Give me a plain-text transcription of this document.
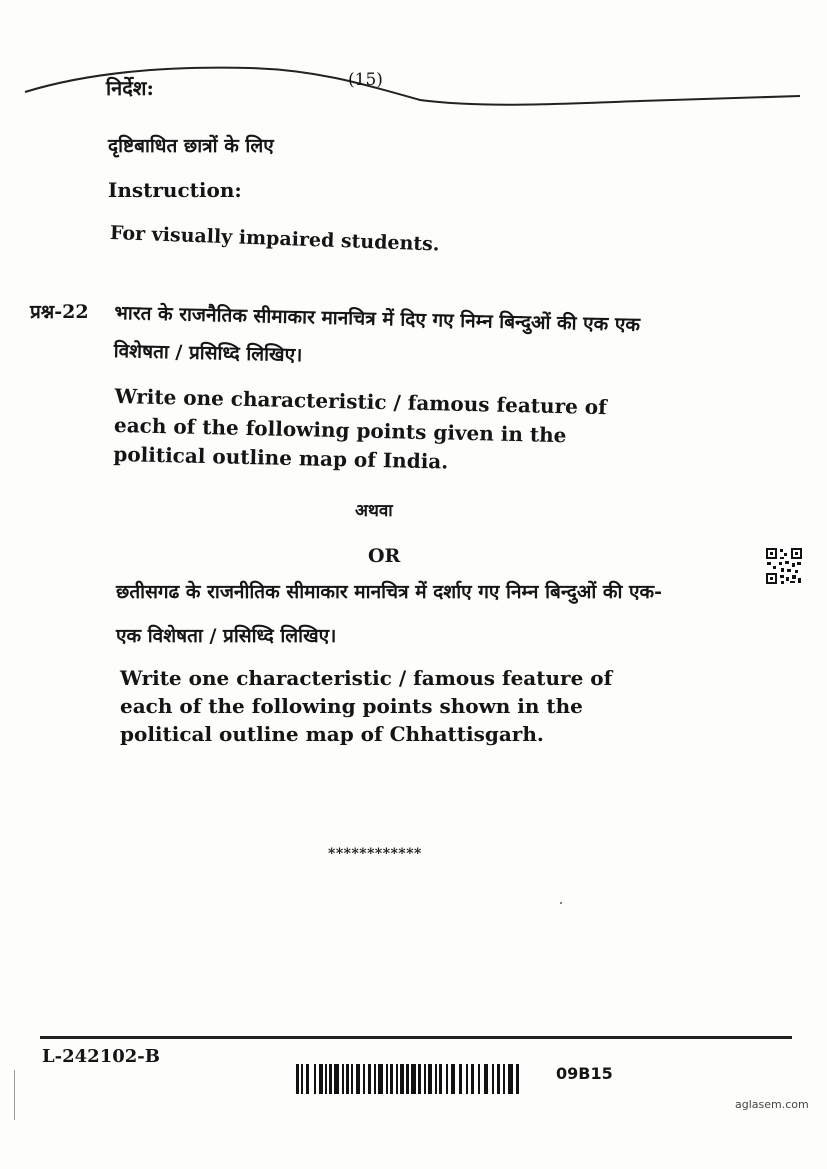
निर्देश:	(15)
दृष्टिबाधित छात्रों के लिए
Instruction:
For visually impaired students.
प्रश्न-22 भारत के राजनैतिक सीमाकार मानचित्र में दिए गए निम्न बिन्दुओं की एक एक विशेषता / प्रसिध्दि लिखिए।
Write one characteristic / famous feature of each of the following points given in the political outline map of India.
अथवा
OR
छतीसगढ के राजनीतिक सीमाकार मानचित्र में दर्शाए गए निम्न बिन्दुओं की एक-एक विशेषता / प्रसिध्दि लिखिए।
Write one characteristic / famous feature of each of the following points shown in the political outline map of Chhattisgarh.
************
L-242102-B
09B15
aglasem.com
